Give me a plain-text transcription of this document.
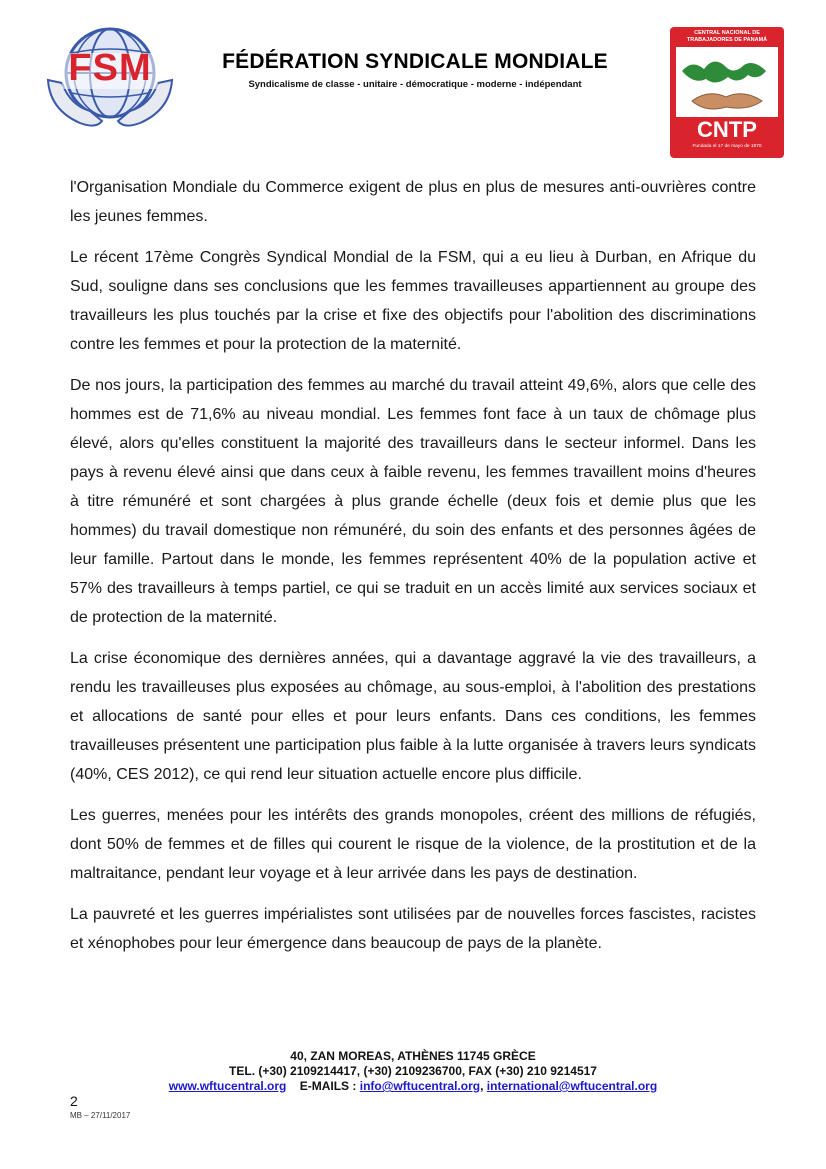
FSM	FÉDÉRATION SYNDICALE MONDIALE
Syndicalisme de classe - unitaire - démocratique - moderne - indépendant
CENTRAL NACIONAL DE
TRABAJADORES DE PANAMÁ
CNTP
Fundada el 17 de mayo de 1970

l'Organisation Mondiale du Commerce exigent de plus en plus de mesures anti-ouvrières contre les jeunes femmes.

Le récent 17ème Congrès Syndical Mondial de la FSM, qui a eu lieu à Durban, en Afrique du Sud, souligne dans ses conclusions que les femmes travailleuses appartiennent au groupe des travailleurs les plus touchés par la crise et fixe des objectifs pour l'abolition des discriminations contre les femmes et pour la protection de la maternité.

De nos jours, la participation des femmes au marché du travail atteint 49,6%, alors que celle des hommes est de 71,6% au niveau mondial. Les femmes font face à un taux de chômage plus élevé, alors qu'elles constituent la majorité des travailleurs dans le secteur informel. Dans les pays à revenu élevé ainsi que dans ceux à faible revenu, les femmes travaillent moins d'heures à titre rémunéré et sont chargées à plus grande échelle (deux fois et demie plus que les hommes) du travail domestique non rémunéré, du soin des enfants et des personnes âgées de leur famille. Partout dans le monde, les femmes représentent 40% de la population active et 57% des travailleurs à temps partiel, ce qui se traduit en un accès limité aux services sociaux et de protection de la maternité.

La crise économique des dernières années, qui a davantage aggravé la vie des travailleurs, a rendu les travailleuses plus exposées au chômage, au sous-emploi, à l'abolition des prestations et allocations de santé pour elles et pour leurs enfants. Dans ces conditions, les femmes travailleuses présentent une participation plus faible à la lutte organisée à travers leurs syndicats (40%, CES 2012), ce qui rend leur situation actuelle encore plus difficile.

Les guerres, menées pour les intérêts des grands monopoles, créent des millions de réfugiés, dont 50% de femmes et de filles qui courent le risque de la violence, de la prostitution et de la maltraitance, pendant leur voyage et à leur arrivée dans les pays de destination.

La pauvreté et les guerres impérialistes sont utilisées par de nouvelles forces fascistes, racistes et xénophobes pour leur émergence dans beaucoup de pays de la planète.

40, ZAN MOREAS, ATHÈNES 11745 GRÈCE
TEL. (+30) 2109214417, (+30) 2109236700, FAX (+30) 210 9214517
www.wftucentral.org E-MAILS : info@wftucentral.org, international@wftucentral.org
2
MB – 27/11/2017
